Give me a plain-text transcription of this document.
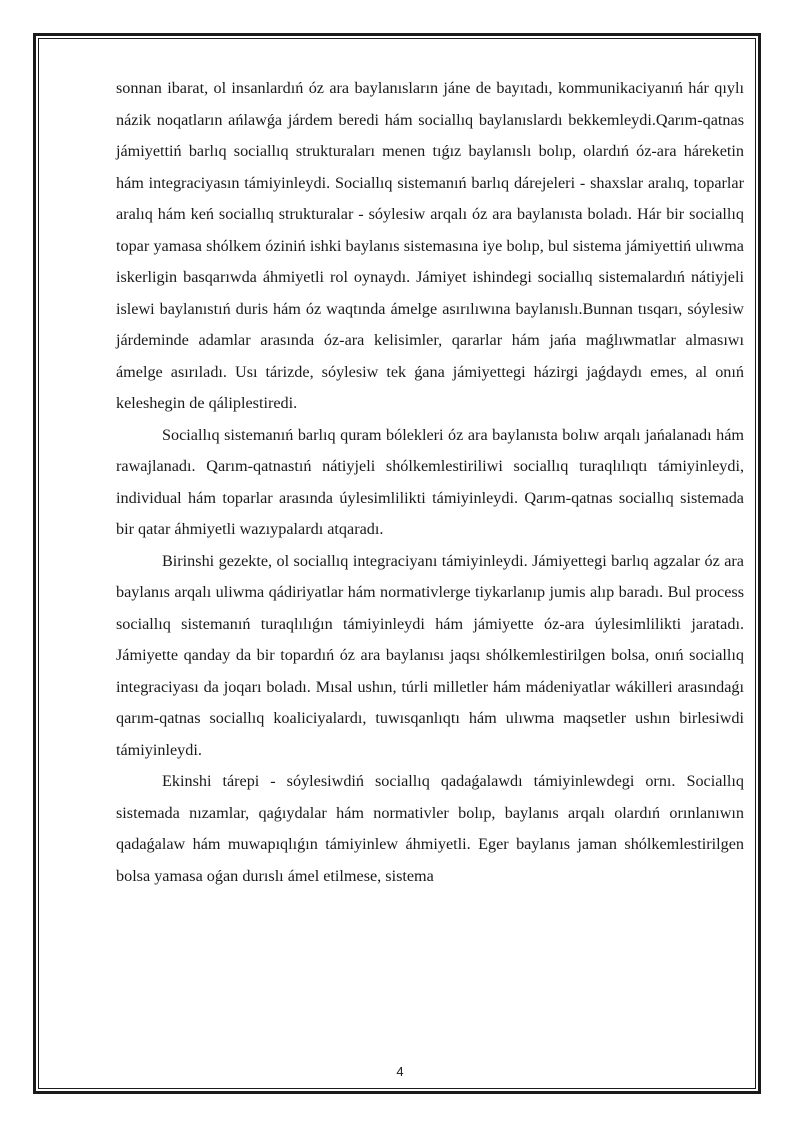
sonnan ibarat, ol insanlardıń óz ara baylanısların jáne de bayıtadı, kommunikaciyanıń hár qıylı názik noqatların ańlawǵa járdem beredi hám sociallıq baylanıslardı bekkemleydi.Qarım-qatnas jámiyettiń barlıq sociallıq strukturaları menen tıǵız baylanıslı bolıp, olardıń óz-ara háreketin hám integraciyasın támiyinleydi. Sociallıq sistemanıń barlıq dárejeleri - shaxslar aralıq, toparlar aralıq hám keń sociallıq strukturalar - sóylesiw arqalı óz ara baylanısta boladı. Hár bir sociallıq topar yamasa shólkem óziniń ishki baylanıs sistemasına iye bolıp, bul sistema jámiyettiń ulıwma iskerligin basqarıwda áhmiyetli rol oynaydı. Jámiyet ishindegi sociallıq sistemalardıń nátiyjeli islewi baylanıstıń duris hám óz waqtında ámelge asırılıwına baylanıslı.Bunnan tısqarı, sóylesiw járdeminde adamlar arasında óz-ara kelisimler, qararlar hám jańa maǵlıwmatlar almasıwı ámelge asırıladı. Usı tárizde, sóylesiw tek ǵana jámiyettegi házirgi jaǵdaydı emes, al onıń keleshegin de qáliplestiredi.

Sociallıq sistemanıń barlıq quram bólekleri óz ara baylanısta bolıw arqalı jańalanadı hám rawajlanadı. Qarım-qatnastıń nátiyjeli shólkemlestiriliwi sociallıq turaqlılıqtı támiyinleydi, individual hám toparlar arasında úylesimlilikti támiyinleydi. Qarım-qatnas sociallıq sistemada bir qatar áhmiyetli wazıypalardı atqaradı.

Birinshi gezekte, ol sociallıq integraciyanı támiyinleydi. Jámiyettegi barlıq agzalar óz ara baylanıs arqalı uliwma qádiriyatlar hám normativlerge tiykarlanıp jumis alıp baradı. Bul process sociallıq sistemanıń turaqlılıǵın támiyinleydi hám jámiyette óz-ara úylesimlilikti jaratadı. Jámiyette qanday da bir topardıń óz ara baylanısı jaqsı shólkemlestirilgen bolsa, onıń sociallıq integraciyası da joqarı boladı. Mısal ushın, túrli milletler hám mádeniyatlar wákilleri arasındaǵı qarım-qatnas sociallıq koaliciyalardı, tuwısqanlıqtı hám ulıwma maqsetler ushın birlesiwdi támiyinleydi.

Ekinshi tárepi - sóylesiwdiń sociallıq qadaǵalawdı támiyinlewdegi ornı. Sociallıq sistemada nızamlar, qaǵıydalar hám normativler bolıp, baylanıs arqalı olardıń orınlanıwın qadaǵalaw hám muwapıqlıǵın támiyinlew áhmiyetli. Eger baylanıs jaman shólkemlestirilgen bolsa yamasa oǵan durıslı ámel etilmese, sistema

4
